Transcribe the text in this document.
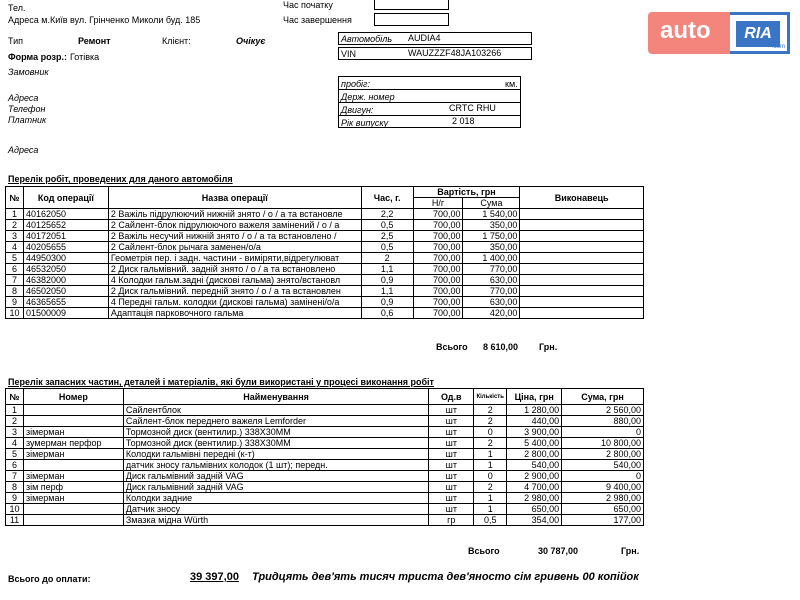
Тел.
Адреса м.Київ вул. Грінченко Миколи буд. 185
Час початку
Час завершення
Тип	Ремонт	Клієнт:	Очікує
Форма розр.: Готівка
Замовник
Адреса
Телефон
Платник
Адреса
Автомобіль AUDIA4
VIN	WAUZZZF48JA103266
пробіг:	км.
Держ. номер
Двигун:	CRTC RHU
Рік випуску	2 018
auto	RIA
.com
Перелік робіт, проведених для даного автомобіля
№	Код операції	Назва операції	Час, г.	Вартість, грн		Виконавець
				Н/г	Сума	
1	40162050	2 Важіль підрулюючий нижній знято / о / а та встановле	2,2	700,00	1 540,00	
2	40125652	2 Сайлент-блок підрулюючого важеля замінений / о / а	0,5	700,00	350,00	
3	40172051	2 Важіль несучий нижній знято / о / а та встановлено /	2,5	700,00	1 750,00	
4	40205655	2 Сайлент-блок рычага заменен/о/а	0,5	700,00	350,00	
5	44950300	Геометрія пер. і задн. частини - виміряти,відрегулюват	2	700,00	1 400,00	
6	46532050	2 Диск гальмівний. задній знято / о / а та встановлено	1,1	700,00	770,00	
7	46382000	4 Колодки гальм.задні (дискові гальма) знято/встановл	0,9	700,00	630,00	
8	46502050	2 Диск гальмівний. передній знято / о / а та встановлен	1,1	700,00	770,00	
9	46365655	4 Передні гальм. колодки (дискові гальма) замінені/о/а	0,9	700,00	630,00	
10	01500009	Адаптація парковочного гальма	0,6	700,00	420,00	
Всього 8 610,00 Грн.
Перелік запасних частин, деталей і матеріалів, які були використані у процесі виконання робіт
№	Номер	Найменування	Од.в	Кількість	Ціна, грн	Сума, грн
1		Сайлентблок	шт	2	1 280,00	2 560,00
2		Сайлент-блок переднего важеля Lemforder	шт	2	440,00	880,00
3	зімерман	Тормозной диск (вентилир.) 338Х30ММ	шт	0	3 900,00	0
4	зумерман перфор	Тормозной диск (вентилир.) 338Х30ММ	шт	2	5 400,00	10 800,00
5	зімерман	Колодки гальмівні передні (к-т)	шт	1	2 800,00	2 800,00
6		датчик зносу гальмівних колодок (1 шт); передн.	шт	1	540,00	540,00
7	зімерман	Диск гальмівний задній VAG	шт	0	2 900,00	0
8	зім перф	Диск гальмівний задній VAG	шт	2	4 700,00	9 400,00
9	зімерман	Колодки задние	шт	1	2 980,00	2 980,00
10		Датчик зносу	шт	1	650,00	650,00
11		Змазка мідна Würth	гр	0,5	354,00	177,00
Всього	30 787,00	Грн.
Всього до оплати:	39 397,00 Тридцять дев'ять тисяч триста дев'яносто сім гривень 00 копійок
